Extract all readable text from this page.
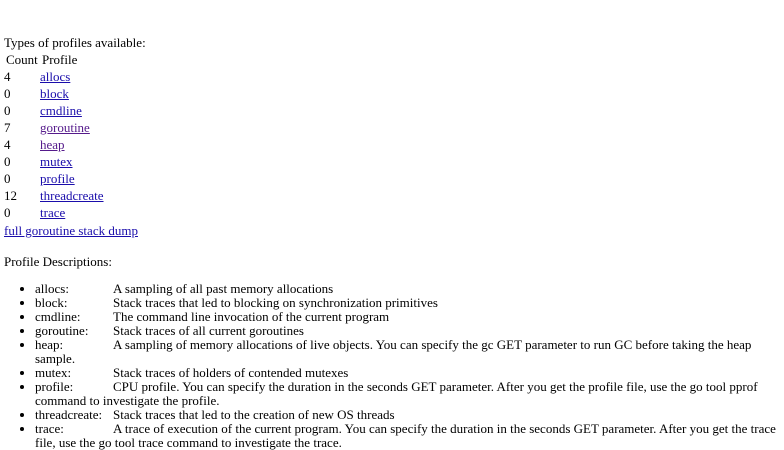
Types of profiles available:
Count	Profile
4	allocs
0	block
0	cmdline
7	goroutine
4	heap
0	mutex
0	profile
12	threadcreate
0	trace
full goroutine stack dump

Profile Descriptions:

• allocs:	A sampling of all past memory allocations
• block:	Stack traces that led to blocking on synchronization primitives
• cmdline:	The command line invocation of the current program
• goroutine: Stack traces of all current goroutines
• heap:	A sampling of memory allocations of live objects. You can specify the gc GET parameter to run GC before taking the heap sample.
• mutex:	Stack traces of holders of contended mutexes
• profile:	CPU profile. You can specify the duration in the seconds GET parameter. After you get the profile file, use the go tool pprof command to investigate the profile.
• threadcreate: Stack traces that led to the creation of new OS threads
• trace:	A trace of execution of the current program. You can specify the duration in the seconds GET parameter. After you get the trace file, use the go tool trace command to investigate the trace.
